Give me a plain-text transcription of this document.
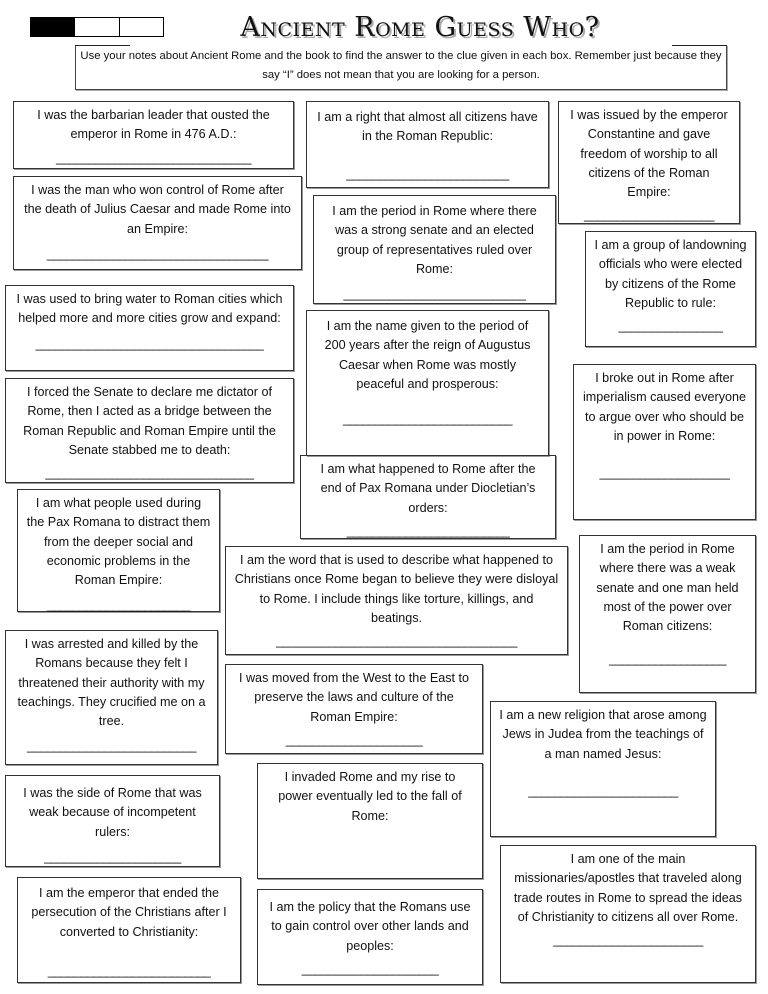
Ancient Rome Guess Who?
Use your notes about Ancient Rome and the book to find the answer to the clue given in each box. Remember just because they say “I” does not mean that you are looking for a person.
I was the barbarian leader that ousted the emperor in Rome in 476 A.D.:
______________________________
I am a right that almost all citizens have in the Roman Republic:
_________________________
I was issued by the emperor Constantine and gave freedom of worship to all citizens of the Roman Empire:
____________________
I was the man who won control of Rome after the death of Julius Caesar and made Rome into an Empire:
__________________________________
I am the period in Rome where there was a strong senate and an elected group of representatives ruled over Rome:
____________________________
I am a group of landowning officials who were elected by citizens of the Rome Republic to rule:
________________
I was used to bring water to Roman cities which helped more and more cities grow and expand:
___________________________________
I am the name given to the period of 200 years after the reign of Augustus Caesar when Rome was mostly peaceful and prosperous:
__________________________
I forced the Senate to declare me dictator of Rome, then I acted as a bridge between the Roman Republic and Roman Empire until the Senate stabbed me to death:
________________________________
I broke out in Rome after imperialism caused everyone to argue over who should be in power in Rome:
____________________
I am what happened to Rome after the end of Pax Romana under Diocletian’s orders:
_________________________
I am what people used during the Pax Romana to distract them from the deeper social and economic problems in the Roman Empire:
______________________
I am the word that is used to describe what happened to Christians once Rome began to believe they were disloyal to Rome. I include things like torture, killings, and beatings.
_____________________________________
I am the period in Rome where there was a weak senate and one man held most of the power over Roman citizens:
__________________
I was arrested and killed by the Romans because they felt I threatened their authority with my teachings. They crucified me on a tree.
__________________________
I was moved from the West to the East to preserve the laws and culture of the Roman Empire:
_____________________
I am a new religion that arose among Jews in Judea from the teachings of a man named Jesus:
_______________________
I was the side of Rome that was weak because of incompetent rulers:
_____________________
I invaded Rome and my rise to power eventually led to the fall of Rome:
I am the emperor that ended the persecution of the Christians after I converted to Christianity:
_________________________
I am the policy that the Romans use to gain control over other lands and peoples:
_____________________
I am one of the main missionaries/apostles that traveled along trade routes in Rome to spread the ideas of Christianity to citizens all over Rome.
_______________________
